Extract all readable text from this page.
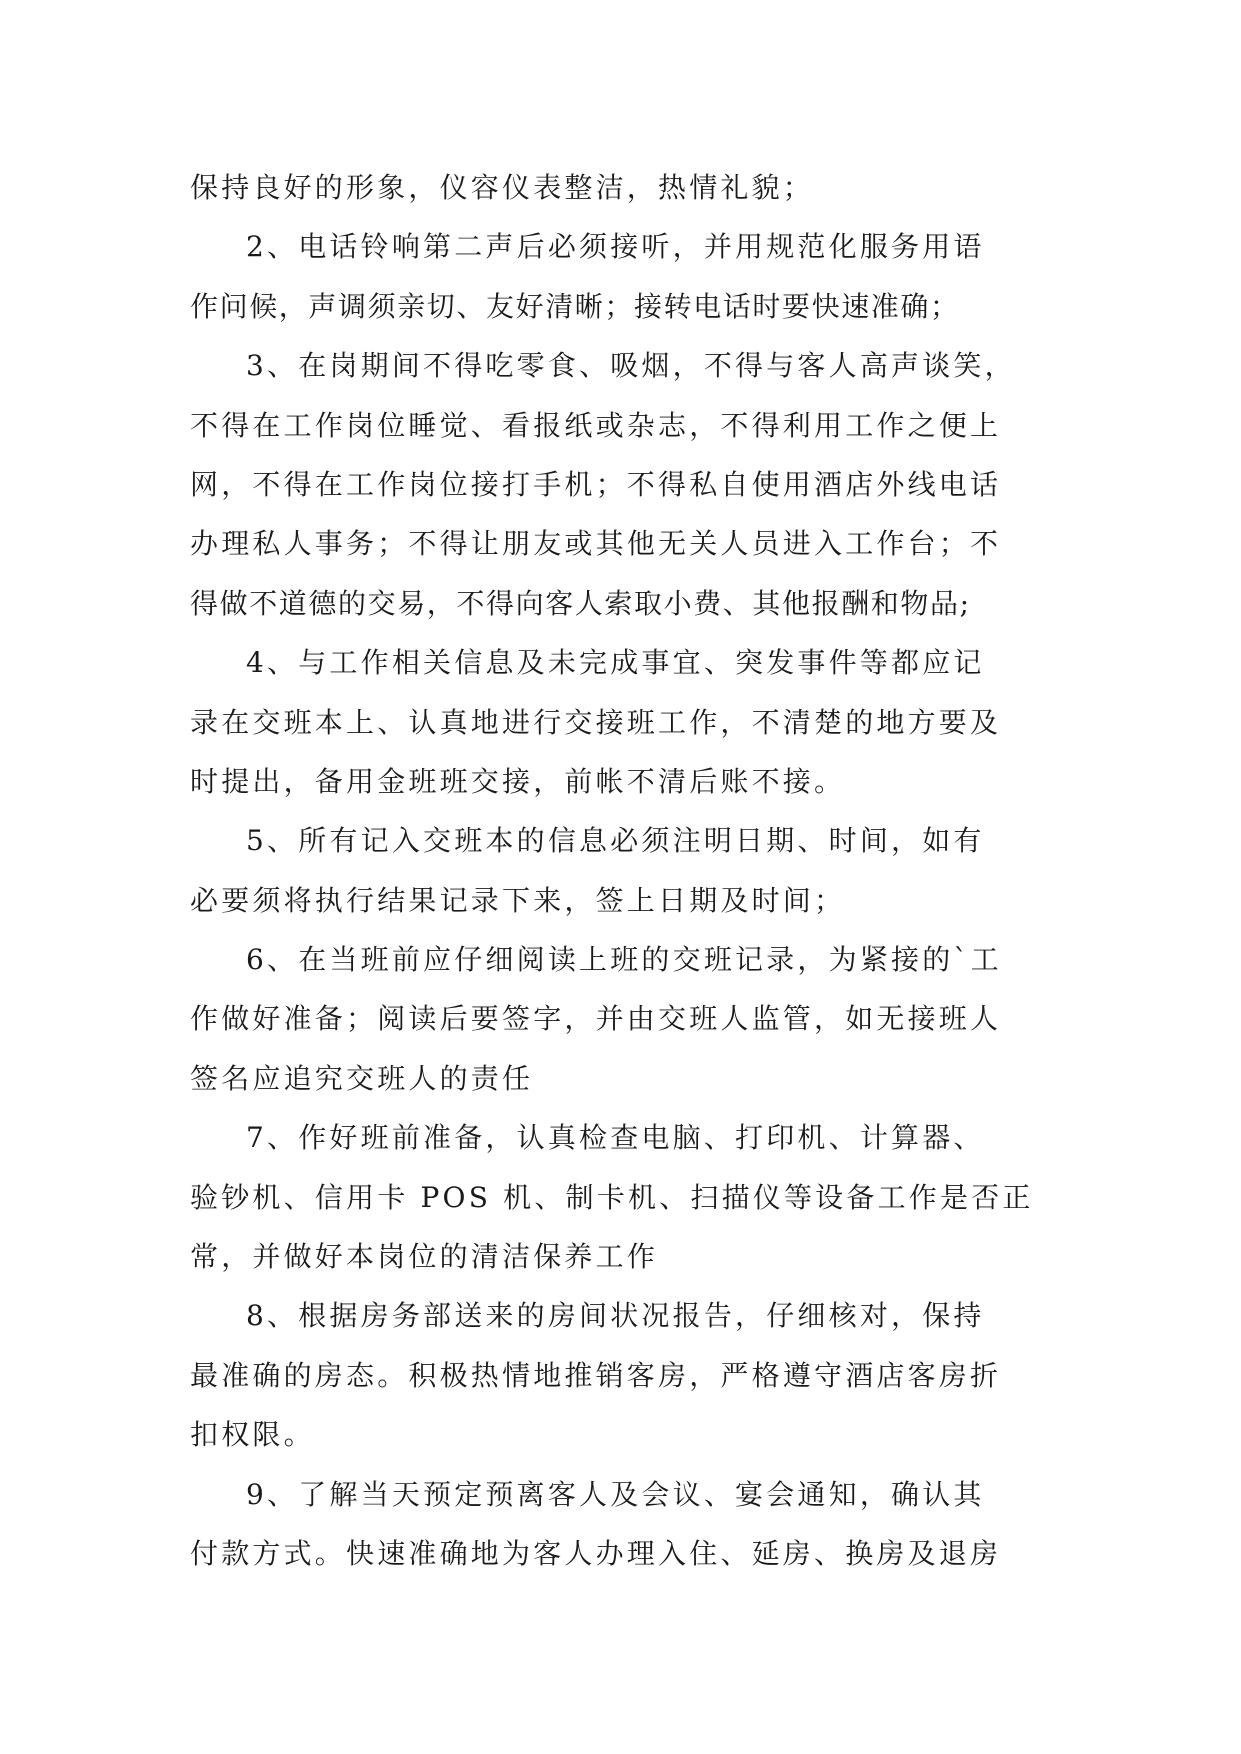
保持良好的形象，仪容仪表整洁，热情礼貌；
2、电话铃响第二声后必须接听，并用规范化服务用语
作问候，声调须亲切、友好清晰；接转电话时要快速准确；
3、在岗期间不得吃零食、吸烟，不得与客人高声谈笑，
不得在工作岗位睡觉、看报纸或杂志，不得利用工作之便上
网，不得在工作岗位接打手机；不得私自使用酒店外线电话
办理私人事务；不得让朋友或其他无关人员进入工作台；不
得做不道德的交易，不得向客人索取小费、其他报酬和物品;
4、与工作相关信息及未完成事宜、突发事件等都应记
录在交班本上、认真地进行交接班工作，不清楚的地方要及
时提出，备用金班班交接，前帐不清后账不接。
5、所有记入交班本的信息必须注明日期、时间，如有
必要须将执行结果记录下来，签上日期及时间；
6、在当班前应仔细阅读上班的交班记录，为紧接的`工
作做好准备；阅读后要签字，并由交班人监管，如无接班人
签名应追究交班人的责任
7、作好班前准备，认真检查电脑、打印机、计算器、
验钞机、信用卡 POS 机、制卡机、扫描仪等设备工作是否正
常，并做好本岗位的清洁保养工作
8、根据房务部送来的房间状况报告，仔细核对，保持
最准确的房态。积极热情地推销客房，严格遵守酒店客房折
扣权限。
9、了解当天预定预离客人及会议、宴会通知，确认其
付款方式。快速准确地为客人办理入住、延房、换房及退房
